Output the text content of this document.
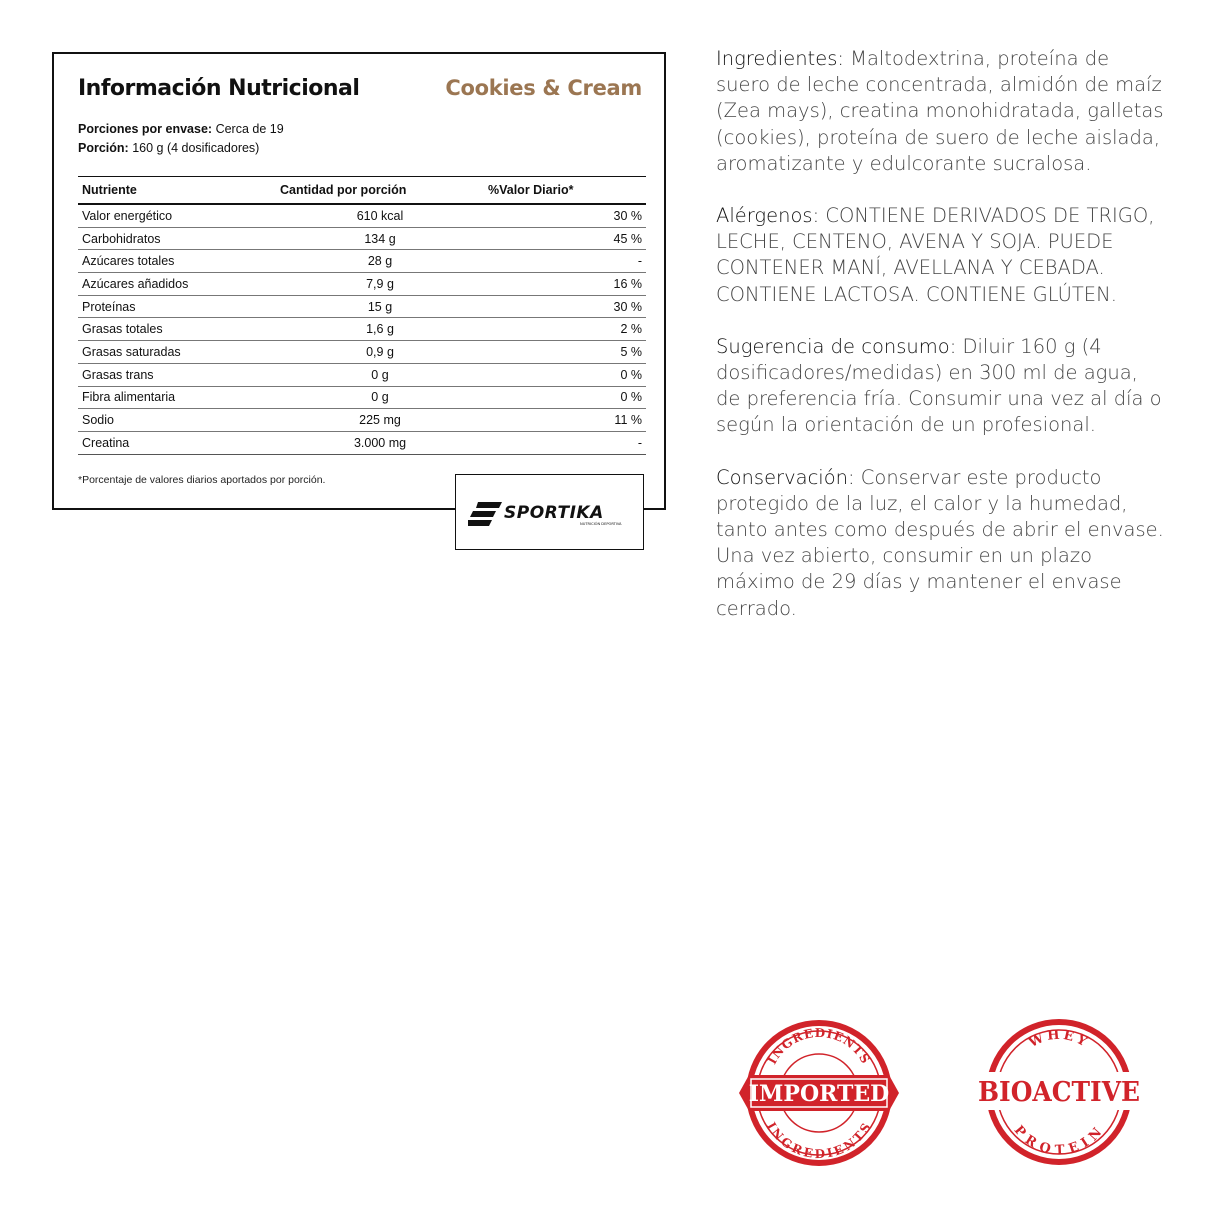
Información Nutricional	Cookies & Cream
Porciones por envase: Cerca de 19
Porción: 160 g (4 dosificadores)
Nutriente	Cantidad por porción	%Valor Diario*
Valor energético	610 kcal	30 %
Carbohidratos	134 g	45 %
Azúcares totales	28 g	-
Azúcares añadidos	7,9 g	16 %
Proteínas	15 g	30 %
Grasas totales	1,6 g	2 %
Grasas saturadas	0,9 g	5 %
Grasas trans	0 g	0 %
Fibra alimentaria	0 g	0 %
Sodio	225 mg	11 %
Creatina	3.000 mg	-
*Porcentaje de valores diarios aportados por porción.
SPORTIKA
NUTRICIÓN DEPORTIVA

Ingredientes: Maltodextrina, proteína de suero de leche concentrada, almidón de maíz (Zea mays), creatina monohidratada, galletas (cookies), proteína de suero de leche aislada, aromatizante y edulcorante sucralosa.

Alérgenos: CONTIENE DERIVADOS DE TRIGO, LECHE, CENTENO, AVENA Y SOJA. PUEDE CONTENER MANÍ, AVELLANA Y CEBADA. CONTIENE LACTOSA. CONTIENE GLÚTEN.

Sugerencia de consumo: Diluir 160 g (4 dosificadores/medidas) en 300 ml de agua, de preferencia fría. Consumir una vez al día o según la orientación de un profesional.

Conservación: Conservar este producto protegido de la luz, el calor y la humedad, tanto antes como después de abrir el envase. Una vez abierto, consumir en un plazo máximo de 29 días y mantener el envase cerrado.

INGREDIENTS
INGREDIENTS
IMPORTED
WHEY
PROTEIN
BIOACTIVE
